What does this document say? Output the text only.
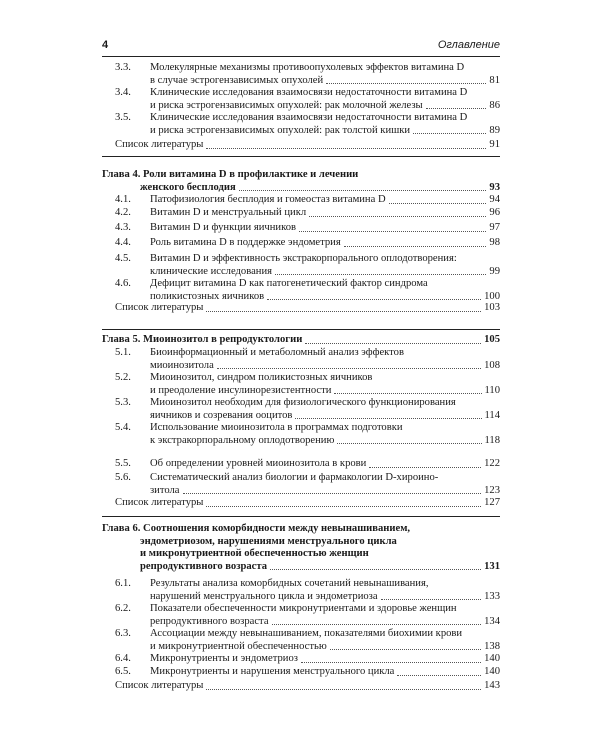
4	Оглавление
3.3. Молекулярные механизмы противоопухолевых эффектов витамина D
в случае эстрогензависимых опухолей	81
3.4. Клинические исследования взаимосвязи недостаточности витамина D
и риска эстрогензависимых опухолей: рак молочной железы	86
3.5. Клинические исследования взаимосвязи недостаточности витамина D
и риска эстрогензависимых опухолей: рак толстой кишки	89
Список литературы	91
Глава 4. Роли витамина D в профилактике и лечении
женского бесплодия	93
4.1. Патофизиология бесплодия и гомеостаз витамина D	94
4.2. Витамин D и менструальный цикл	96
4.3. Витамин D и функции яичников	97
4.4. Роль витамина D в поддержке эндометрия	98
4.5. Витамин D и эффективность экстракорпорального оплодотворения:
клинические исследования	99
4.6. Дефицит витамина D как патогенетический фактор синдрома
поликистозных яичников	100
Список литературы	103
Глава 5. Миоинозитол в репродуктологии	105
5.1. Биоинформационный и метаболомный анализ эффектов
миоинозитола	108
5.2. Миоинозитол, синдром поликистозных яичников
и преодоление инсулинорезистентности	110
5.3. Миоинозитол необходим для физиологического функционирования
яичников и созревания ооцитов	114
5.4. Использование миоинозитола в программах подготовки
к экстракорпоральному оплодотворению	118
5.5. Об определении уровней миоинозитола в крови	122
5.6. Систематический анализ биологии и фармакологии D-хироино-
зитола	123
Список литературы	127
Глава 6. Соотношения коморбидности между невынашиванием,
эндометриозом, нарушениями менструального цикла
и микронутриентной обеспеченностью женщин
репродуктивного возраста	131
6.1. Результаты анализа коморбидных сочетаний невынашивания,
нарушений менструального цикла и эндометриоза	133
6.2. Показатели обеспеченности микронутриентами и здоровье женщин
репродуктивного возраста	134
6.3. Ассоциации между невынашиванием, показателями биохимии крови
и микронутриентной обеспеченностью	138
6.4. Микронутриенты и эндометриоз	140
6.5. Микронутриенты и нарушения менструального цикла	140
Список литературы	143
